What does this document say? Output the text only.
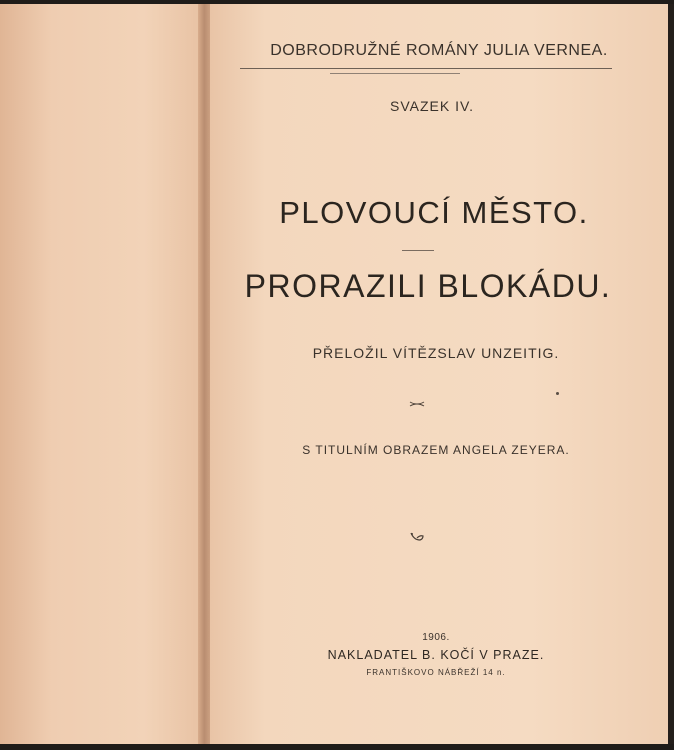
DOBRODRUŽNÉ ROMÁNY JULIA VERNEA.
SVAZEK IV.
PLOVOUCÍ MĚSTO.
PRORAZILI BLOKÁDU.
PŘELOŽIL VÍTĚZSLAV UNZEITIG.
S TITULNÍM OBRAZEM ANGELA ZEYERA.
1906.
NAKLADATEL B. KOČÍ V PRAZE.
FRANTIŠKOVO NÁBŘEŽÍ 14 n.
